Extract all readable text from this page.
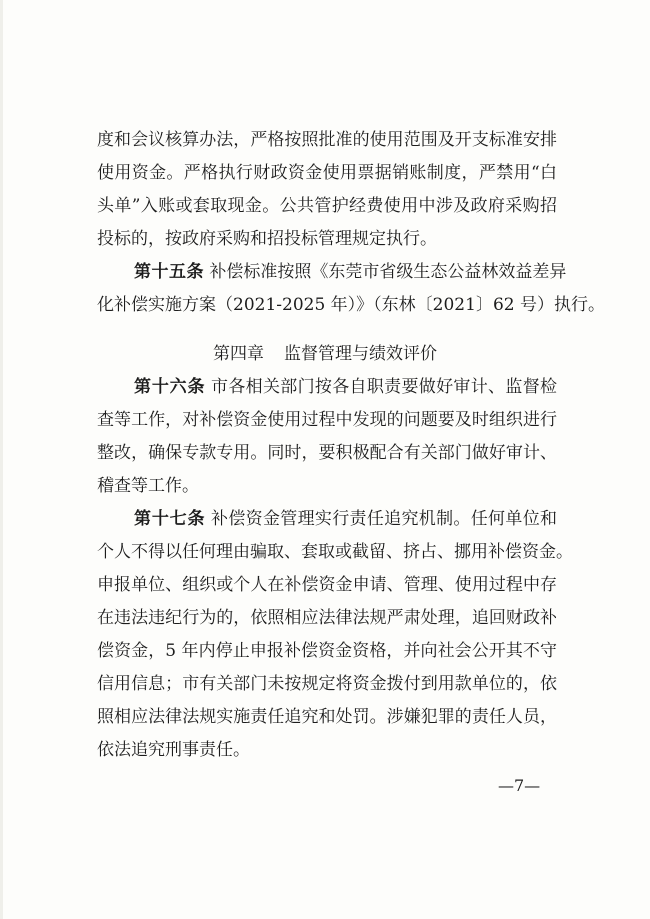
度和会议核算办法，严格按照批准的使用范围及开支标准安排
使用资金。严格执行财政资金使用票据销账制度，严禁用“白
头单”入账或套取现金。公共管护经费使用中涉及政府采购招
投标的，按政府采购和招投标管理规定执行。
第十五条 补偿标准按照《东莞市省级生态公益林效益差异
化补偿实施方案（2021-2025 年）》（东林〔2021〕62 号）执行。
第四章 监督管理与绩效评价
第十六条 市各相关部门按各自职责要做好审计、监督检
查等工作，对补偿资金使用过程中发现的问题要及时组织进行
整改，确保专款专用。同时，要积极配合有关部门做好审计、
稽查等工作。
第十七条 补偿资金管理实行责任追究机制。任何单位和
个人不得以任何理由骗取、套取或截留、挤占、挪用补偿资金。
申报单位、组织或个人在补偿资金申请、管理、使用过程中存
在违法违纪行为的，依照相应法律法规严肃处理，追回财政补
偿资金，5 年内停止申报补偿资金资格，并向社会公开其不守
信用信息；市有关部门未按规定将资金拨付到用款单位的，依
照相应法律法规实施责任追究和处罚。涉嫌犯罪的责任人员，
依法追究刑事责任。
—7—
